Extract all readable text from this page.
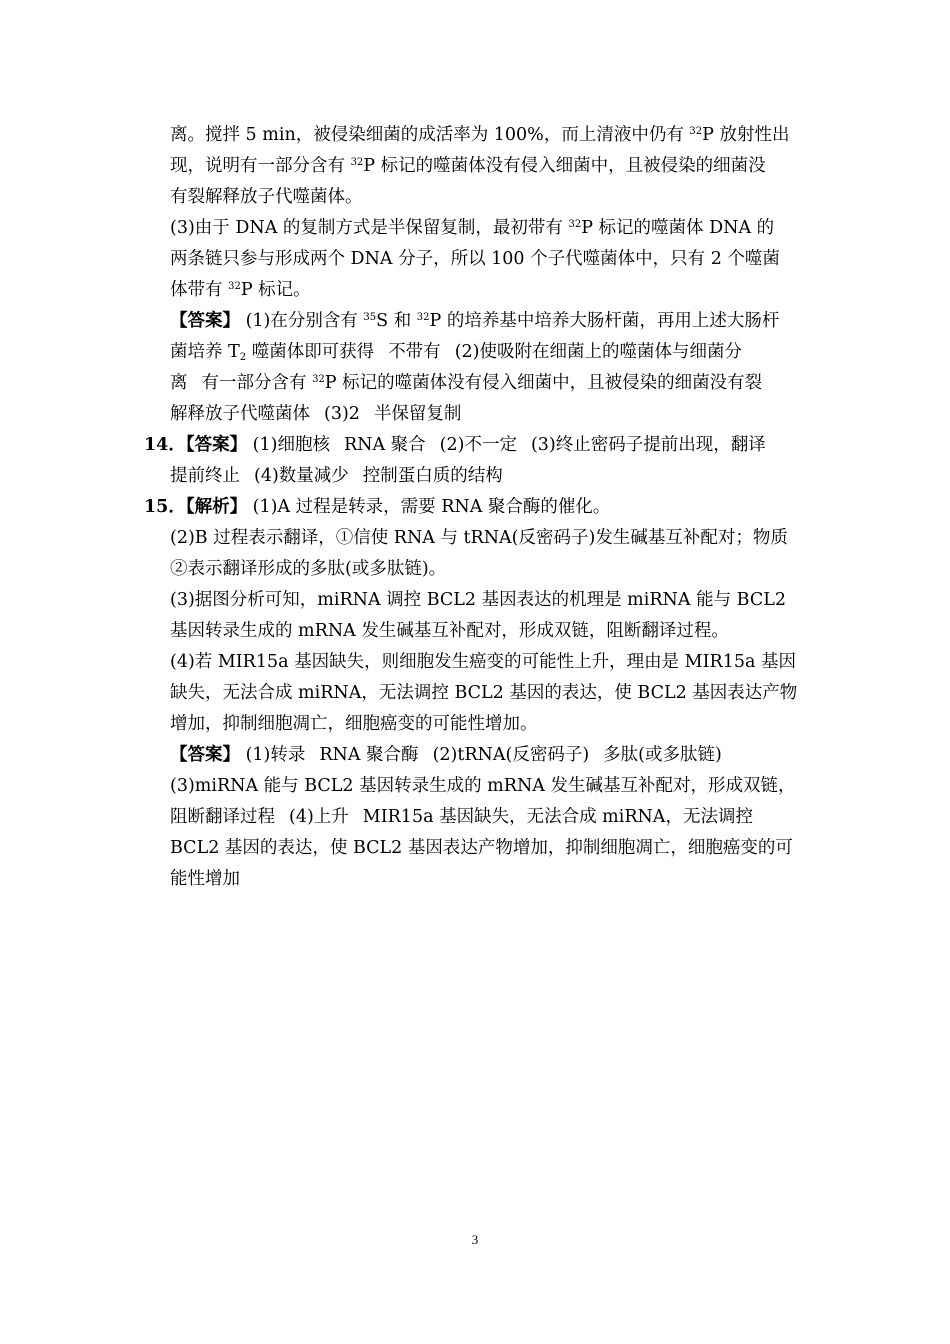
离。搅拌 5 min，被侵染细菌的成活率为 100%，而上清液中仍有 $^{32}$P 放射性出
现，说明有一部分含有 $^{32}$P 标记的噬菌体没有侵入细菌中，且被侵染的细菌没
有裂解释放子代噬菌体。
(3)由于 DNA 的复制方式是半保留复制，最初带有 $^{32}$P 标记的噬菌体 DNA 的
两条链只参与形成两个 DNA 分子，所以 100 个子代噬菌体中，只有 2 个噬菌
体带有 $^{32}$P 标记。
【答案】 (1)在分别含有 $^{35}$S 和 $^{32}$P 的培养基中培养大肠杆菌，再用上述大肠杆
菌培养 $T_2$ 噬菌体即可获得 不带有 (2)使吸附在细菌上的噬菌体与细菌分
离 有一部分含有 $^{32}$P 标记的噬菌体没有侵入细菌中，且被侵染的细菌没有裂
解释放子代噬菌体 (3)2 半保留复制
14．【答案】 (1)细胞核 RNA 聚合 (2)不一定 (3)终止密码子提前出现，翻译
提前终止 (4)数量减少 控制蛋白质的结构
15．【解析】 (1)A 过程是转录，需要 RNA 聚合酶的催化。
(2)B 过程表示翻译，①信使 RNA 与 tRNA(反密码子)发生碱基互补配对；物质
②表示翻译形成的多肽(或多肽链)。
(3)据图分析可知，miRNA 调控 BCL2 基因表达的机理是 miRNA 能与 BCL2
基因转录生成的 mRNA 发生碱基互补配对，形成双链，阻断翻译过程。
(4)若 MIR15a 基因缺失，则细胞发生癌变的可能性上升，理由是 MIR15a 基因
缺失，无法合成 miRNA，无法调控 BCL2 基因的表达，使 BCL2 基因表达产物
增加，抑制细胞凋亡，细胞癌变的可能性增加。
【答案】 (1)转录 RNA 聚合酶 (2)tRNA(反密码子) 多肽(或多肽链)
(3)miRNA 能与 BCL2 基因转录生成的 mRNA 发生碱基互补配对，形成双链，
阻断翻译过程 (4)上升 MIR15a 基因缺失，无法合成 miRNA，无法调控
BCL2 基因的表达，使 BCL2 基因表达产物增加，抑制细胞凋亡，细胞癌变的可
能性增加
3
